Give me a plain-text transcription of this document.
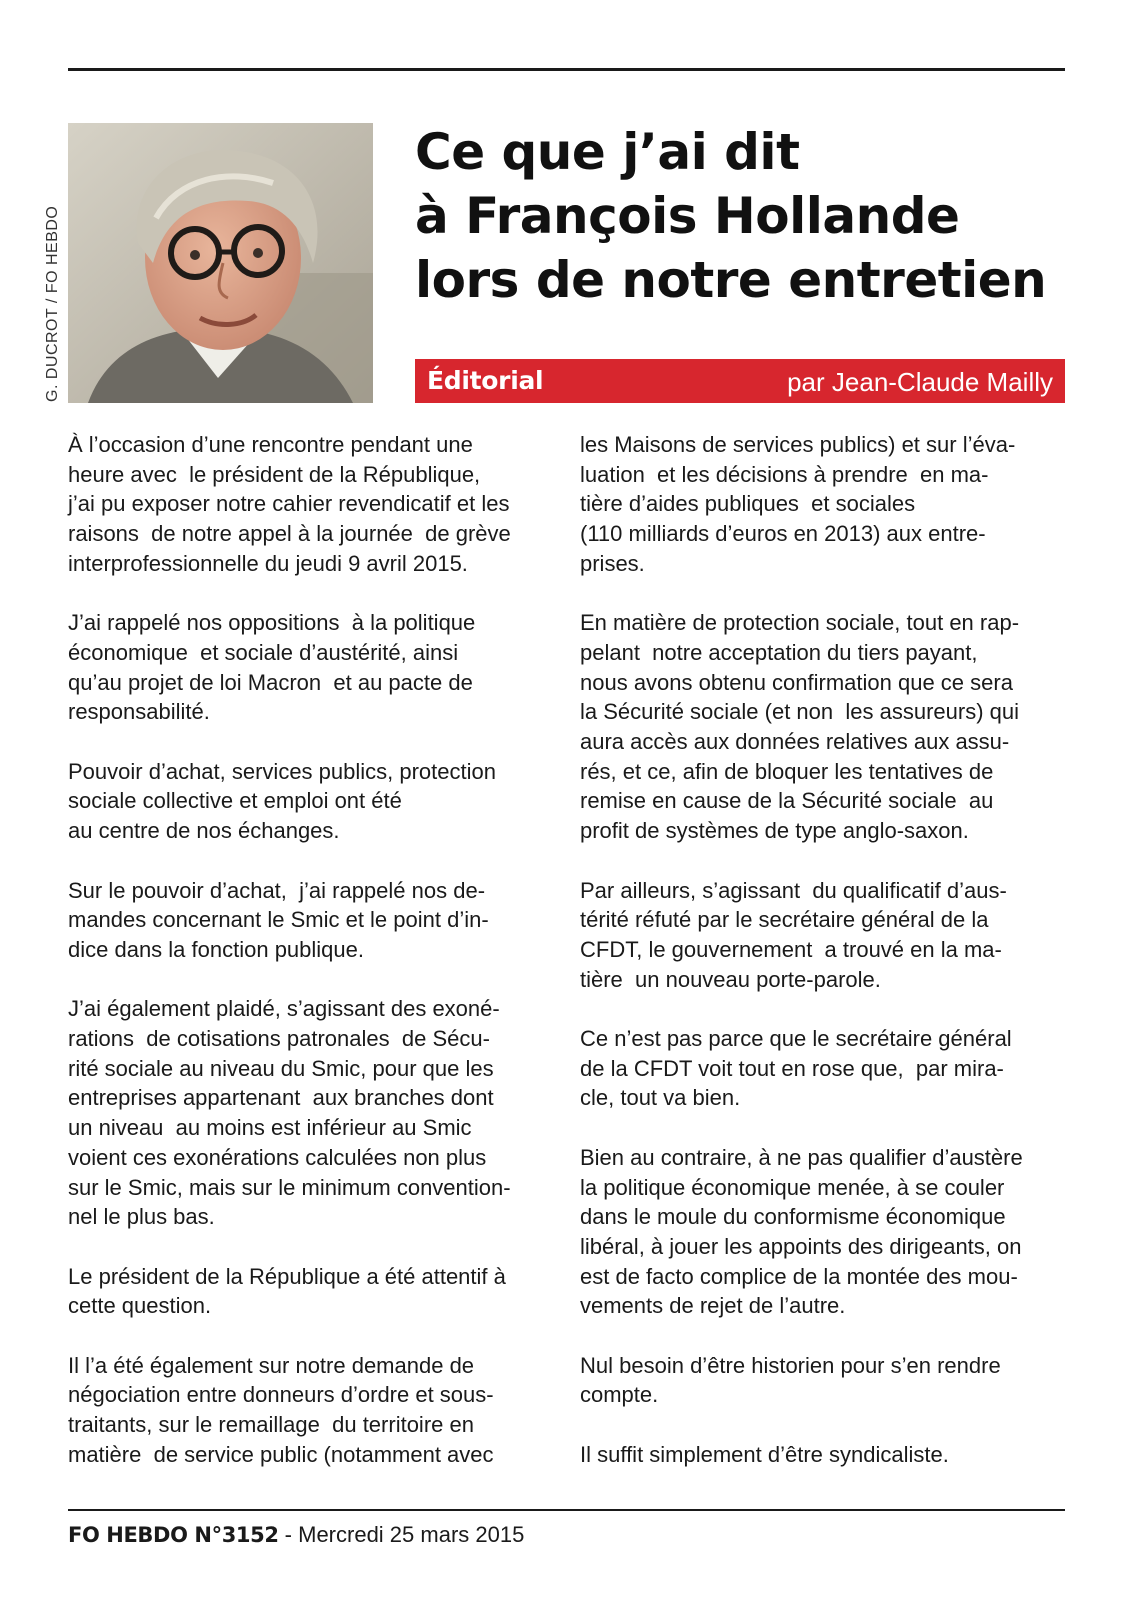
G. DUCROT / FO HEBDO
Ce que j’ai dit
à François Hollande
lors de notre entretien
Éditorial	par Jean-Claude Mailly

À l’occasion d’une rencontre pendant une
heure avec  le président de la République,
j’ai pu exposer notre cahier revendicatif et les
raisons  de notre appel à la journée  de grève
interprofessionnelle du jeudi 9 avril 2015.

J’ai rappelé nos oppositions  à la politique
économique  et sociale d’austérité, ainsi
qu’au projet de loi Macron  et au pacte de
responsabilité.

Pouvoir d’achat, services publics, protection
sociale collective et emploi ont été
au centre de nos échanges.

Sur le pouvoir d’achat,  j’ai rappelé nos de-
mandes concernant le Smic et le point d’in-
dice dans la fonction publique.

J’ai également plaidé, s’agissant des exoné-
rations  de cotisations patronales  de Sécu-
rité sociale au niveau du Smic, pour que les
entreprises appartenant  aux branches dont
un niveau  au moins est inférieur au Smic
voient ces exonérations calculées non plus
sur le Smic, mais sur le minimum convention-
nel le plus bas.

Le président de la République a été attentif à
cette question.

Il l’a été également sur notre demande de
négociation entre donneurs d’ordre et sous-
traitants, sur le remaillage  du territoire en
matière  de service public (notamment avec

les Maisons de services publics) et sur l’éva-
luation  et les décisions à prendre  en ma-
tière d’aides publiques  et sociales
(110 milliards d’euros en 2013) aux entre-
prises.

En matière de protection sociale, tout en rap-
pelant  notre acceptation du tiers payant,
nous avons obtenu confirmation que ce sera
la Sécurité sociale (et non  les assureurs) qui
aura accès aux données relatives aux assu-
rés, et ce, afin de bloquer les tentatives de
remise en cause de la Sécurité sociale  au
profit de systèmes de type anglo-saxon.

Par ailleurs, s’agissant  du qualificatif d’aus-
térité réfuté par le secrétaire général de la
CFDT, le gouvernement  a trouvé en la ma-
tière  un nouveau porte-parole.

Ce n’est pas parce que le secrétaire général
de la CFDT voit tout en rose que,  par mira-
cle, tout va bien.

Bien au contraire, à ne pas qualifier d’austère
la politique économique menée, à se couler
dans le moule du conformisme économique
libéral, à jouer les appoints des dirigeants, on
est de facto complice de la montée des mou-
vements de rejet de l’autre.

Nul besoin d’être historien pour s’en rendre
compte.

Il suffit simplement d’être syndicaliste.

FO HEBDO N°3152 - Mercredi 25 mars 2015
